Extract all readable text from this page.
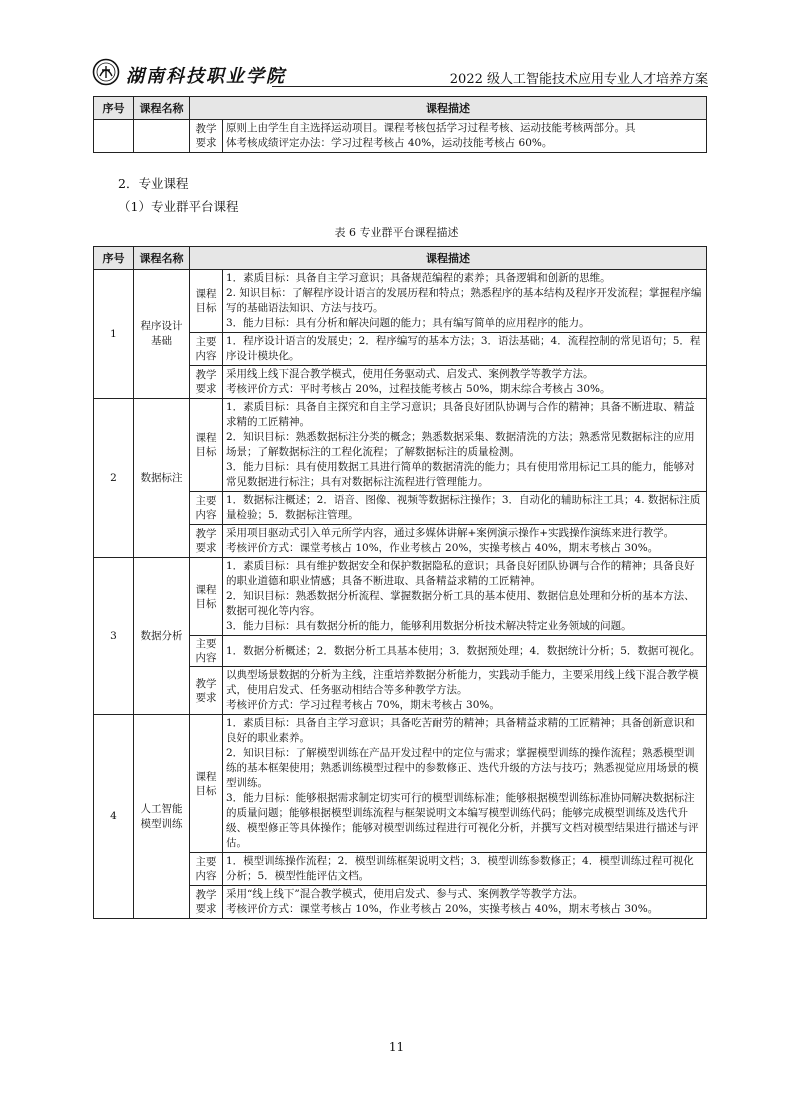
湖南科技职业学院	2022 级人工智能技术应用专业人才培养方案
序号	课程名称	课程描述	
		教学要求	原则上由学生自主选择运动项目。课程考核包括学习过程考核、运动技能考核两部分。具
体考核成绩评定办法：学习过程考核占 40%，运动技能考核占 60%。
2．专业课程
（1）专业群平台课程
表 6 专业群平台课程描述
序号	课程名称	课程描述	
1	程序设计基础	课程目标	1．素质目标：具备自主学习意识；具备规范编程的素养；具备逻辑和创新的思维。
2. 知识目标：了解程序设计语言的发展历程和特点；熟悉程序的基本结构及程序开发流程；掌握程序编写的基础语法知识、方法与技巧。
3．能力目标：具有分析和解决问题的能力；具有编写简单的应用程序的能力。

		主要内容	1．程序设计语言的发展史；2．程序编写的基本方法；3．语法基础；4．流程控制的常见语句；5．程序设计模块化。

		教学要求	采用线上线下混合教学模式，使用任务驱动式、启发式、案例教学等教学方法。
考核评价方式：平时考核占 20%，过程技能考核占 50%，期末综合考核占 30%。

2	数据标注	课程目标	1．素质目标：具备自主探究和自主学习意识；具备良好团队协调与合作的精神；具备不断进取、精益求精的工匠精神。
2．知识目标：熟悉数据标注分类的概念；熟悉数据采集、数据清洗的方法；熟悉常见数据标注的应用场景；了解数据标注的工程化流程；了解数据标注的质量检测。
3．能力目标：具有使用数据工具进行简单的数据清洗的能力；具有使用常用标记工具的能力，能够对常见数据进行标注；具有对数据标注流程进行管理能力。

		主要内容	1．数据标注概述；2．语音、图像、视频等数据标注操作；3．自动化的辅助标注工具；4. 数据标注质量检验；5．数据标注管理。

		教学要求	采用项目驱动式引入单元所学内容，通过多媒体讲解+案例演示操作+实践操作演练来进行教学。
考核评价方式：课堂考核占 10%，作业考核占 20%，实操考核占 40%，期末考核占 30%。

3	数据分析	课程目标	1．素质目标：具有维护数据安全和保护数据隐私的意识；具备良好团队协调与合作的精神；具备良好的职业道德和职业情感；具备不断进取、具备精益求精的工匠精神。
2．知识目标：熟悉数据分析流程、掌握数据分析工具的基本使用、数据信息处理和分析的基本方法、数据可视化等内容。
3．能力目标：具有数据分析的能力，能够利用数据分析技术解决特定业务领域的问题。

		主要内容	1．数据分析概述；2．数据分析工具基本使用；3．数据预处理；4．数据统计分析；5．数据可视化。

		教学要求	以典型场景数据的分析为主线，注重培养数据分析能力，实践动手能力，主要采用线上线下混合教学模式，使用启发式、任务驱动相结合等多种教学方法。
考核评价方式：学习过程考核占 70%，期末考核占 30%。

4	人工智能模型训练	课程目标	1．素质目标：具备自主学习意识；具备吃苦耐劳的精神；具备精益求精的工匠精神；具备创新意识和良好的职业素养。
2．知识目标：了解模型训练在产品开发过程中的定位与需求；掌握模型训练的操作流程；熟悉模型训练的基本框架使用；熟悉训练模型过程中的参数修正、迭代升级的方法与技巧；熟悉视觉应用场景的模型训练。
3．能力目标：能够根据需求制定切实可行的模型训练标准；能够根据模型训练标准协同解决数据标注的质量问题；能够根据模型训练流程与框架说明文本编写模型训练代码；能够完成模型训练及迭代升级、模型修正等具体操作；能够对模型训练过程进行可视化分析，并撰写文档对模型结果进行描述与评估。

		主要内容	1．模型训练操作流程；2．模型训练框架说明文档；3．模型训练参数修正；4．模型训练过程可视化分析；5．模型性能评估文档。

		教学要求	采用“线上线下”混合教学模式，使用启发式、参与式、案例教学等教学方法。
考核评价方式：课堂考核占 10%，作业考核占 20%，实操考核占 40%，期末考核占 30%。
11
